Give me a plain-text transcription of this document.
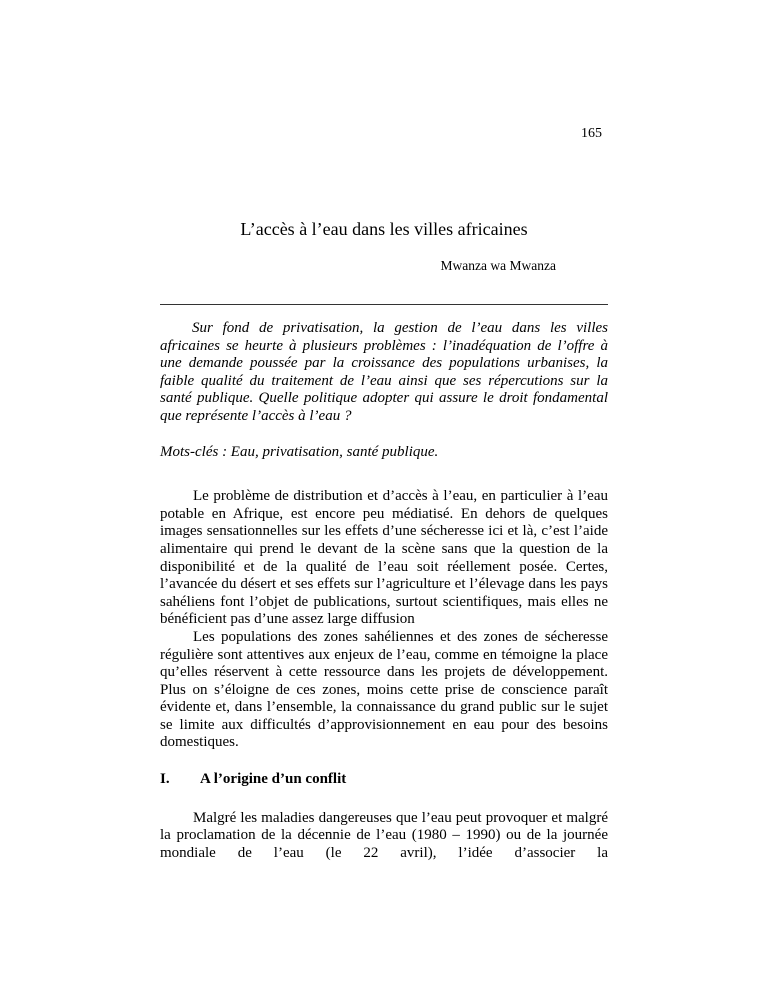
165
L’accès à l’eau dans les villes africaines
Mwanza wa Mwanza

Sur fond de privatisation, la gestion de l’eau dans les villes africaines se heurte à plusieurs problèmes : l’inadéquation de l’offre à une demande poussée par la croissance des populations urbanises, la faible qualité du traitement de l’eau ainsi que ses répercutions sur la santé publique. Quelle politique adopter qui assure le droit fondamental que représente l’accès à l’eau ?

Mots-clés : Eau, privatisation, santé publique.

Le problème de distribution et d’accès à l’eau, en particulier à l’eau potable en Afrique, est encore peu médiatisé. En dehors de quelques images sensationnelles sur les effets d’une sécheresse ici et là, c’est l’aide alimentaire qui prend le devant de la scène sans que la question de la disponibilité et de la qualité de l’eau soit réellement posée. Certes, l’avancée du désert et ses effets sur l’agriculture et l’élevage dans les pays sahéliens font l’objet de publications, surtout scientifiques, mais elles ne bénéficient pas d’une assez large diffusion

Les populations des zones sahéliennes et des zones de sécheresse régulière sont attentives aux enjeux de l’eau, comme en témoigne la place qu’elles réservent à cette ressource dans les projets de développement. Plus on s’éloigne de ces zones, moins cette prise de conscience paraît évidente et, dans l’ensemble, la connaissance du grand public sur le sujet se limite aux difficultés d’approvisionnement en eau pour des besoins domestiques.

I. A l’origine d’un conflit

Malgré les maladies dangereuses que l’eau peut provoquer et malgré la proclamation de la décennie de l’eau (1980 – 1990) ou de la journée mondiale de l’eau (le 22 avril), l’idée d’associer la
